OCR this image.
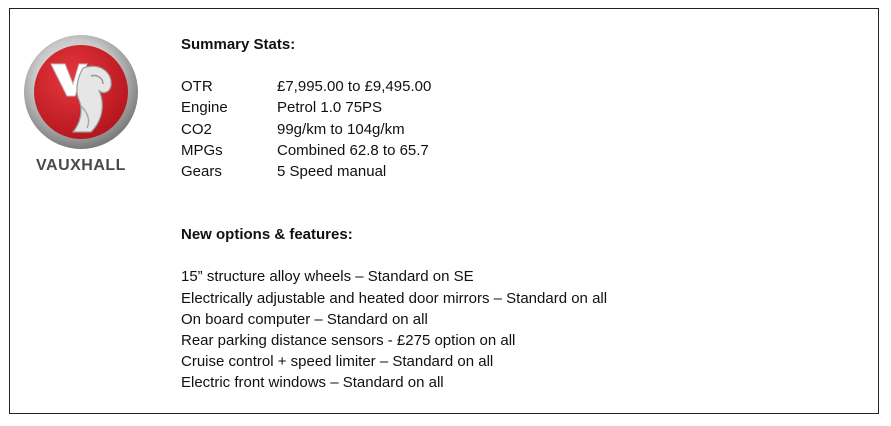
VAUXHALL
Summary Stats:
OTR	£7,995.00 to £9,495.00
Engine	Petrol 1.0 75PS
CO2	99g/km to 104g/km
MPGs	Combined 62.8 to 65.7
Gears	5 Speed manual
New options & features:
15” structure alloy wheels – Standard on SE
Electrically adjustable and heated door mirrors – Standard on all
On board computer – Standard on all
Rear parking distance sensors - £275 option on all
Cruise control + speed limiter – Standard on all
Electric front windows – Standard on all
